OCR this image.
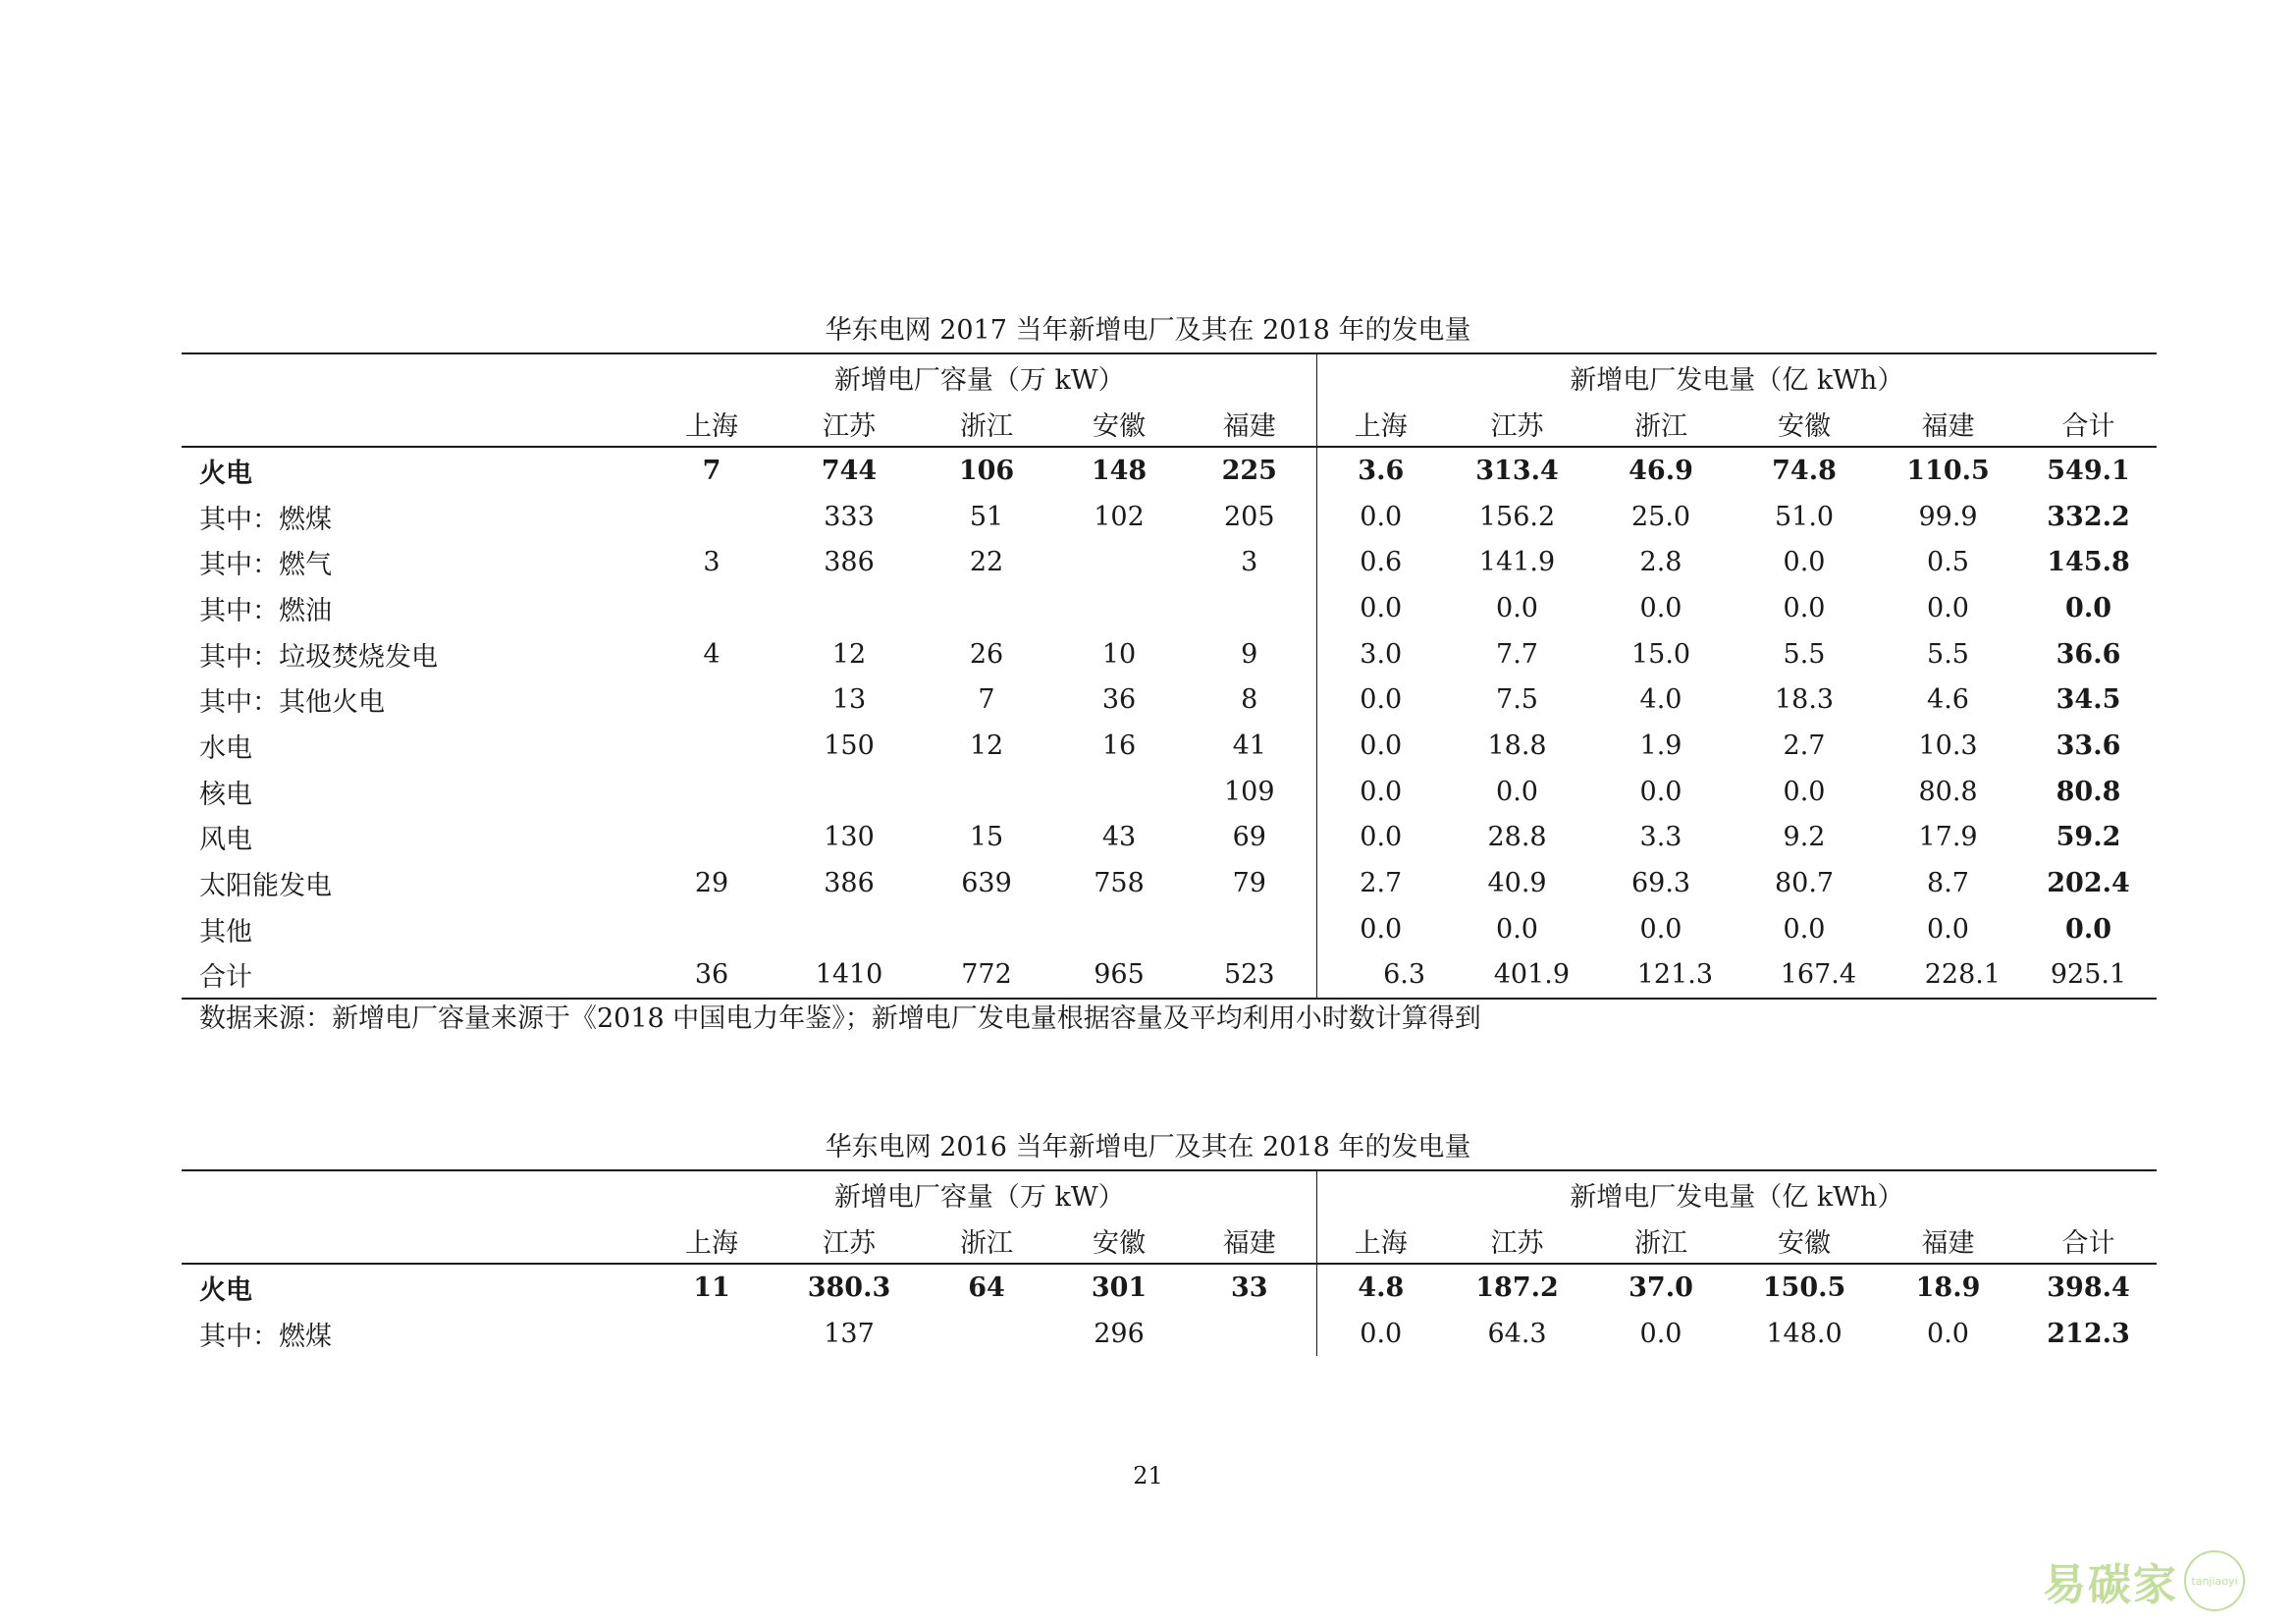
华东电网 2017 当年新增电厂及其在 2018 年的发电量
	新增电厂容量（万 kW）					新增电厂发电量（亿 kWh）					
	上海	江苏	浙江	安徽	福建	上海	江苏	浙江	安徽	福建	合计
火电	7	744	106	148	225	3.6	313.4	46.9	74.8	110.5	549.1
其中：燃煤		333	51	102	205	0.0	156.2	25.0	51.0	99.9	332.2
其中：燃气	3	386	22		3	0.6	141.9	2.8	0.0	0.5	145.8
其中：燃油						0.0	0.0	0.0	0.0	0.0	0.0
其中：垃圾焚烧发电	4	12	26	10	9	3.0	7.7	15.0	5.5	5.5	36.6
其中：其他火电		13	7	36	8	0.0	7.5	4.0	18.3	4.6	34.5
水电		150	12	16	41	0.0	18.8	1.9	2.7	10.3	33.6
核电					109	0.0	0.0	0.0	0.0	80.8	80.8
风电		130	15	43	69	0.0	28.8	3.3	9.2	17.9	59.2
太阳能发电	29	386	639	758	79	2.7	40.9	69.3	80.7	8.7	202.4
其他						0.0	0.0	0.0	0.0	0.0	0.0
合计	36	1410	772	965	523	6.3	401.9	121.3	167.4	228.1	925.1
数据来源：新增电厂容量来源于《2018 中国电力年鉴》；新增电厂发电量根据容量及平均利用小时数计算得到
华东电网 2016 当年新增电厂及其在 2018 年的发电量
	新增电厂容量（万 kW）					新增电厂发电量（亿 kWh）					
	上海	江苏	浙江	安徽	福建	上海	江苏	浙江	安徽	福建	合计
火电	11	380.3	64	301	33	4.8	187.2	37.0	150.5	18.9	398.4
其中：燃煤		137		296		0.0	64.3	0.0	148.0	0.0	212.3
21
易碳家	tanjiaoyi
